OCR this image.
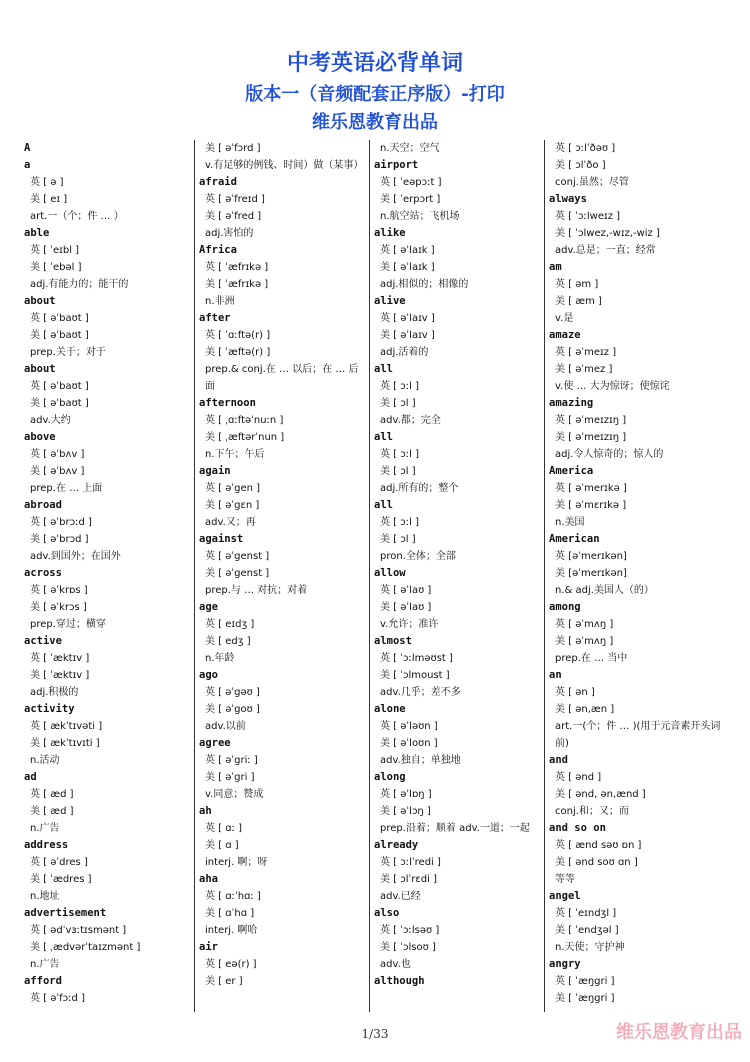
中考英语必背单词
版本一（音频配套正序版）-打印
维乐恩教育出品
A
a
英 [ ə ]
美 [ eɪ ]
art.一（个；件 … ）
able
英 [ ˈeɪbl ]
美 [ ˈebəl ]
adj.有能力的；能干的
about
英 [ əˈbaʊt ]
美 [ əˈbaʊt ]
prep.关于；对于
about
英 [ əˈbaʊt ]
美 [ əˈbaʊt ]
adv.大约
above
英 [ əˈbʌv ]
美 [ əˈbʌv ]
prep.在 … 上面
abroad
英 [ əˈbrɔːd ]
美 [ əˈbrɔd ]
adv.到国外；在国外
across
英 [ əˈkrɒs ]
美 [ əˈkrɔs ]
prep.穿过；横穿
active
英 [ ˈæktɪv ]
美 [ ˈæktɪv ]
adj.积极的
activity
英 [ ækˈtɪvəti ]
美 [ ækˈtɪvɪti ]
n.活动
ad
英 [ æd ]
美 [ æd ]
n.广告
address
英 [ əˈdres ]
美 [ ˈædres ]
n.地址
advertisement
英 [ ədˈvɜːtɪsmənt ]
美 [ ˌædvərˈtaɪzmənt ]
n.广告
afford
英 [ əˈfɔːd ]
美 [ əˈfɔrd ]
v.有足够的例钱、时间）做（某事）
afraid
英 [ əˈfreɪd ]
美 [ əˈfred ]
adj.害怕的
Africa
英 [ ˈæfrɪkə ]
美 [ ˈæfrɪkə ]
n.非洲
after
英 [ ˈɑːftə(r) ]
美 [ ˈæftə(r) ]
prep.& conj.在 … 以后；在 … 后面
afternoon
英 [ ˌɑːftəˈnuːn ]
美 [ ˌæftərˈnun ]
n.下午；午后
again
英 [ əˈgen ]
美 [ əˈgɛn ]
adv.又；再
against
英 [ əˈgenst ]
美 [ əˈgenst ]
prep.与 … 对抗；对着
age
英 [ eɪdʒ ]
美 [ edʒ ]
n.年龄
ago
英 [ əˈgəʊ ]
美 [ əˈgoʊ ]
adv.以前
agree
英 [ əˈgriː ]
美 [ əˈgri ]
v.同意；赞成
ah
英 [ ɑː ]
美 [ ɑ ]
interj. 啊；呀
aha
英 [ ɑːˈhɑː ]
美 [ ɑˈhɑ ]
interj. 啊哈
air
英 [ eə(r) ]
美 [ er ]
n.天空；空气
airport
英 [ ˈeəpɔːt ]
美 [ ˈerpɔrt ]
n.航空站；飞机场
alike
英 [ əˈlaɪk ]
美 [ əˈlaɪk ]
adj.相似的；相像的
alive
英 [ əˈlaɪv ]
美 [ əˈlaɪv ]
adj.活着的
all
英 [ ɔːl ]
美 [ ɔl ]
adv.都；完全
all
英 [ ɔːl ]
美 [ ɔl ]
adj.所有的；整个
all
英 [ ɔːl ]
美 [ ɔl ]
pron.全体；全部
allow
英 [ əˈlaʊ ]
美 [ əˈlaʊ ]
v.允许；准许
almost
英 [ ˈɔːlməʊst ]
美 [ ˈɔlmoust ]
adv.几乎；差不多
alone
英 [ əˈləʊn ]
美 [ əˈloʊn ]
adv.独自；单独地
along
英 [ əˈlɒŋ ]
美 [ əˈlɔŋ ]
prep.沿着；顺着 adv.一道；一起
already
英 [ ɔːlˈredi ]
美 [ ɔlˈrɛdi ]
adv.已经
also
英 [ ˈɔːlsəʊ ]
美 [ ˈɔlsoʊ ]
adv.也
although
英 [ ɔːlˈðəʊ ]
美 [ ɔlˈðo ]
conj.虽然；尽管
always
英 [ ˈɔːlweɪz ]
美 [ ˈɔlwez,-wɪz,-wiz ]
adv.总是；一直；经常
am
英 [ əm ]
美 [ æm ]
v.是
amaze
英 [ əˈmeɪz ]
美 [ əˈmez ]
v.使 … 大为惊讶；使惊诧
amazing
英 [ əˈmeɪzɪŋ ]
美 [ əˈmeɪzɪŋ ]
adj.令人惊奇的；惊人的
America
英 [ əˈmerɪkə ]
美 [ əˈmɛrɪkə ]
n.美国
American
英 [əˈmerɪkən]
美 [əˈmerɪkən]
n.& adj.美国人（的）
among
英 [ əˈmʌŋ ]
美 [ əˈmʌŋ ]
prep.在 … 当中
an
英 [ ən ]
美 [ ən,æn ]
art.一(个；件 … )(用于元音素开头词前)
and
英 [ ənd ]
美 [ ənd, ən,ænd ]
conj.和；又；而
and so on
英 [ ænd səʊ ɒn ]
美 [ ənd soʊ ɑn ]
等等
angel
英 [ ˈeɪndʒl ]
美 [ ˈendʒəl ]
n.天使；守护神
angry
英 [ ˈæŋgri ]
美 [ ˈæŋgri ]
1/33	维乐恩教育出品
